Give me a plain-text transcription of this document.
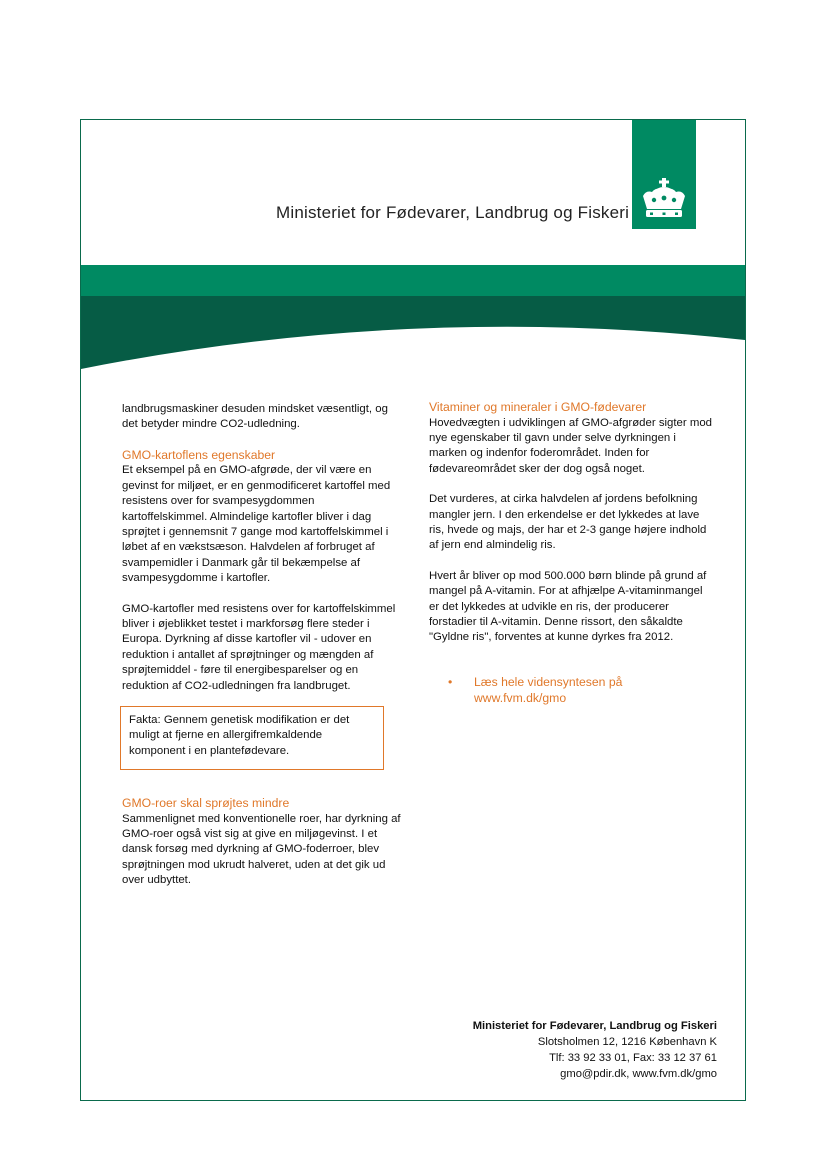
Ministeriet for Fødevarer, Landbrug og Fiskeri

landbrugsmaskiner desuden mindsket væsentligt, og det betyder mindre CO2-udledning.

GMO-kartoflens egenskaber

Et eksempel på en GMO-afgrøde, der vil være en gevinst for miljøet, er en genmodificeret kartoffel med resistens over for svampesygdommen kartoffelskimmel. Almindelige kartofler bliver i dag sprøjtet i gennemsnit 7 gange mod kartoffelskimmel i løbet af en vækstsæson. Halvdelen af forbruget af svampemidler i Danmark går til bekæmpelse af svampesygdomme i kartofler.

GMO-kartofler med resistens over for kartoffelskimmel bliver i øjeblikket testet i markforsøg flere steder i Europa. Dyrkning af disse kartofler vil - udover en reduktion i antallet af sprøjtninger og mængden af sprøjtemiddel - føre til energibesparelser og en reduktion af CO2-udledningen fra landbruget.

Fakta: Gennem genetisk modifikation er det muligt at fjerne en allergifremkaldende komponent i en plantefødevare.
GMO-roer skal sprøjtes mindre
Sammenlignet med konventionelle roer, har dyrkning af GMO-roer også vist sig at give en miljøgevinst. I et dansk forsøg med dyrkning af GMO-foderroer, blev sprøjtningen mod ukrudt halveret, uden at det gik ud over udbyttet.
Vitaminer og mineraler i GMO-fødevarer

Hovedvægten i udviklingen af GMO-afgrøder sigter mod nye egenskaber til gavn under selve dyrkningen i marken og indenfor foderområdet. Inden for fødevareområdet sker der dog også noget.

Det vurderes, at cirka halvdelen af jordens befolkning mangler jern. I den erkendelse er det lykkedes at lave ris, hvede og majs, der har et 2-3 gange højere indhold af jern end almindelig ris.

Hvert år bliver op mod 500.000 børn blinde på grund af mangel på A-vitamin. For at afhjælpe A-vitaminmangel er det lykkedes at udvikle en ris, der producerer forstadier til A-vitamin. Denne rissort, den såkaldte "Gyldne ris", forventes at kunne dyrkes fra 2012.

• Læs hele vidensyntesen på www.fvm.dk/gmo
Ministeriet for Fødevarer, Landbrug og Fiskeri
Slotsholmen 12, 1216 København K
Tlf: 33 92 33 01, Fax: 33 12 37 61
gmo@pdir.dk, www.fvm.dk/gmo
